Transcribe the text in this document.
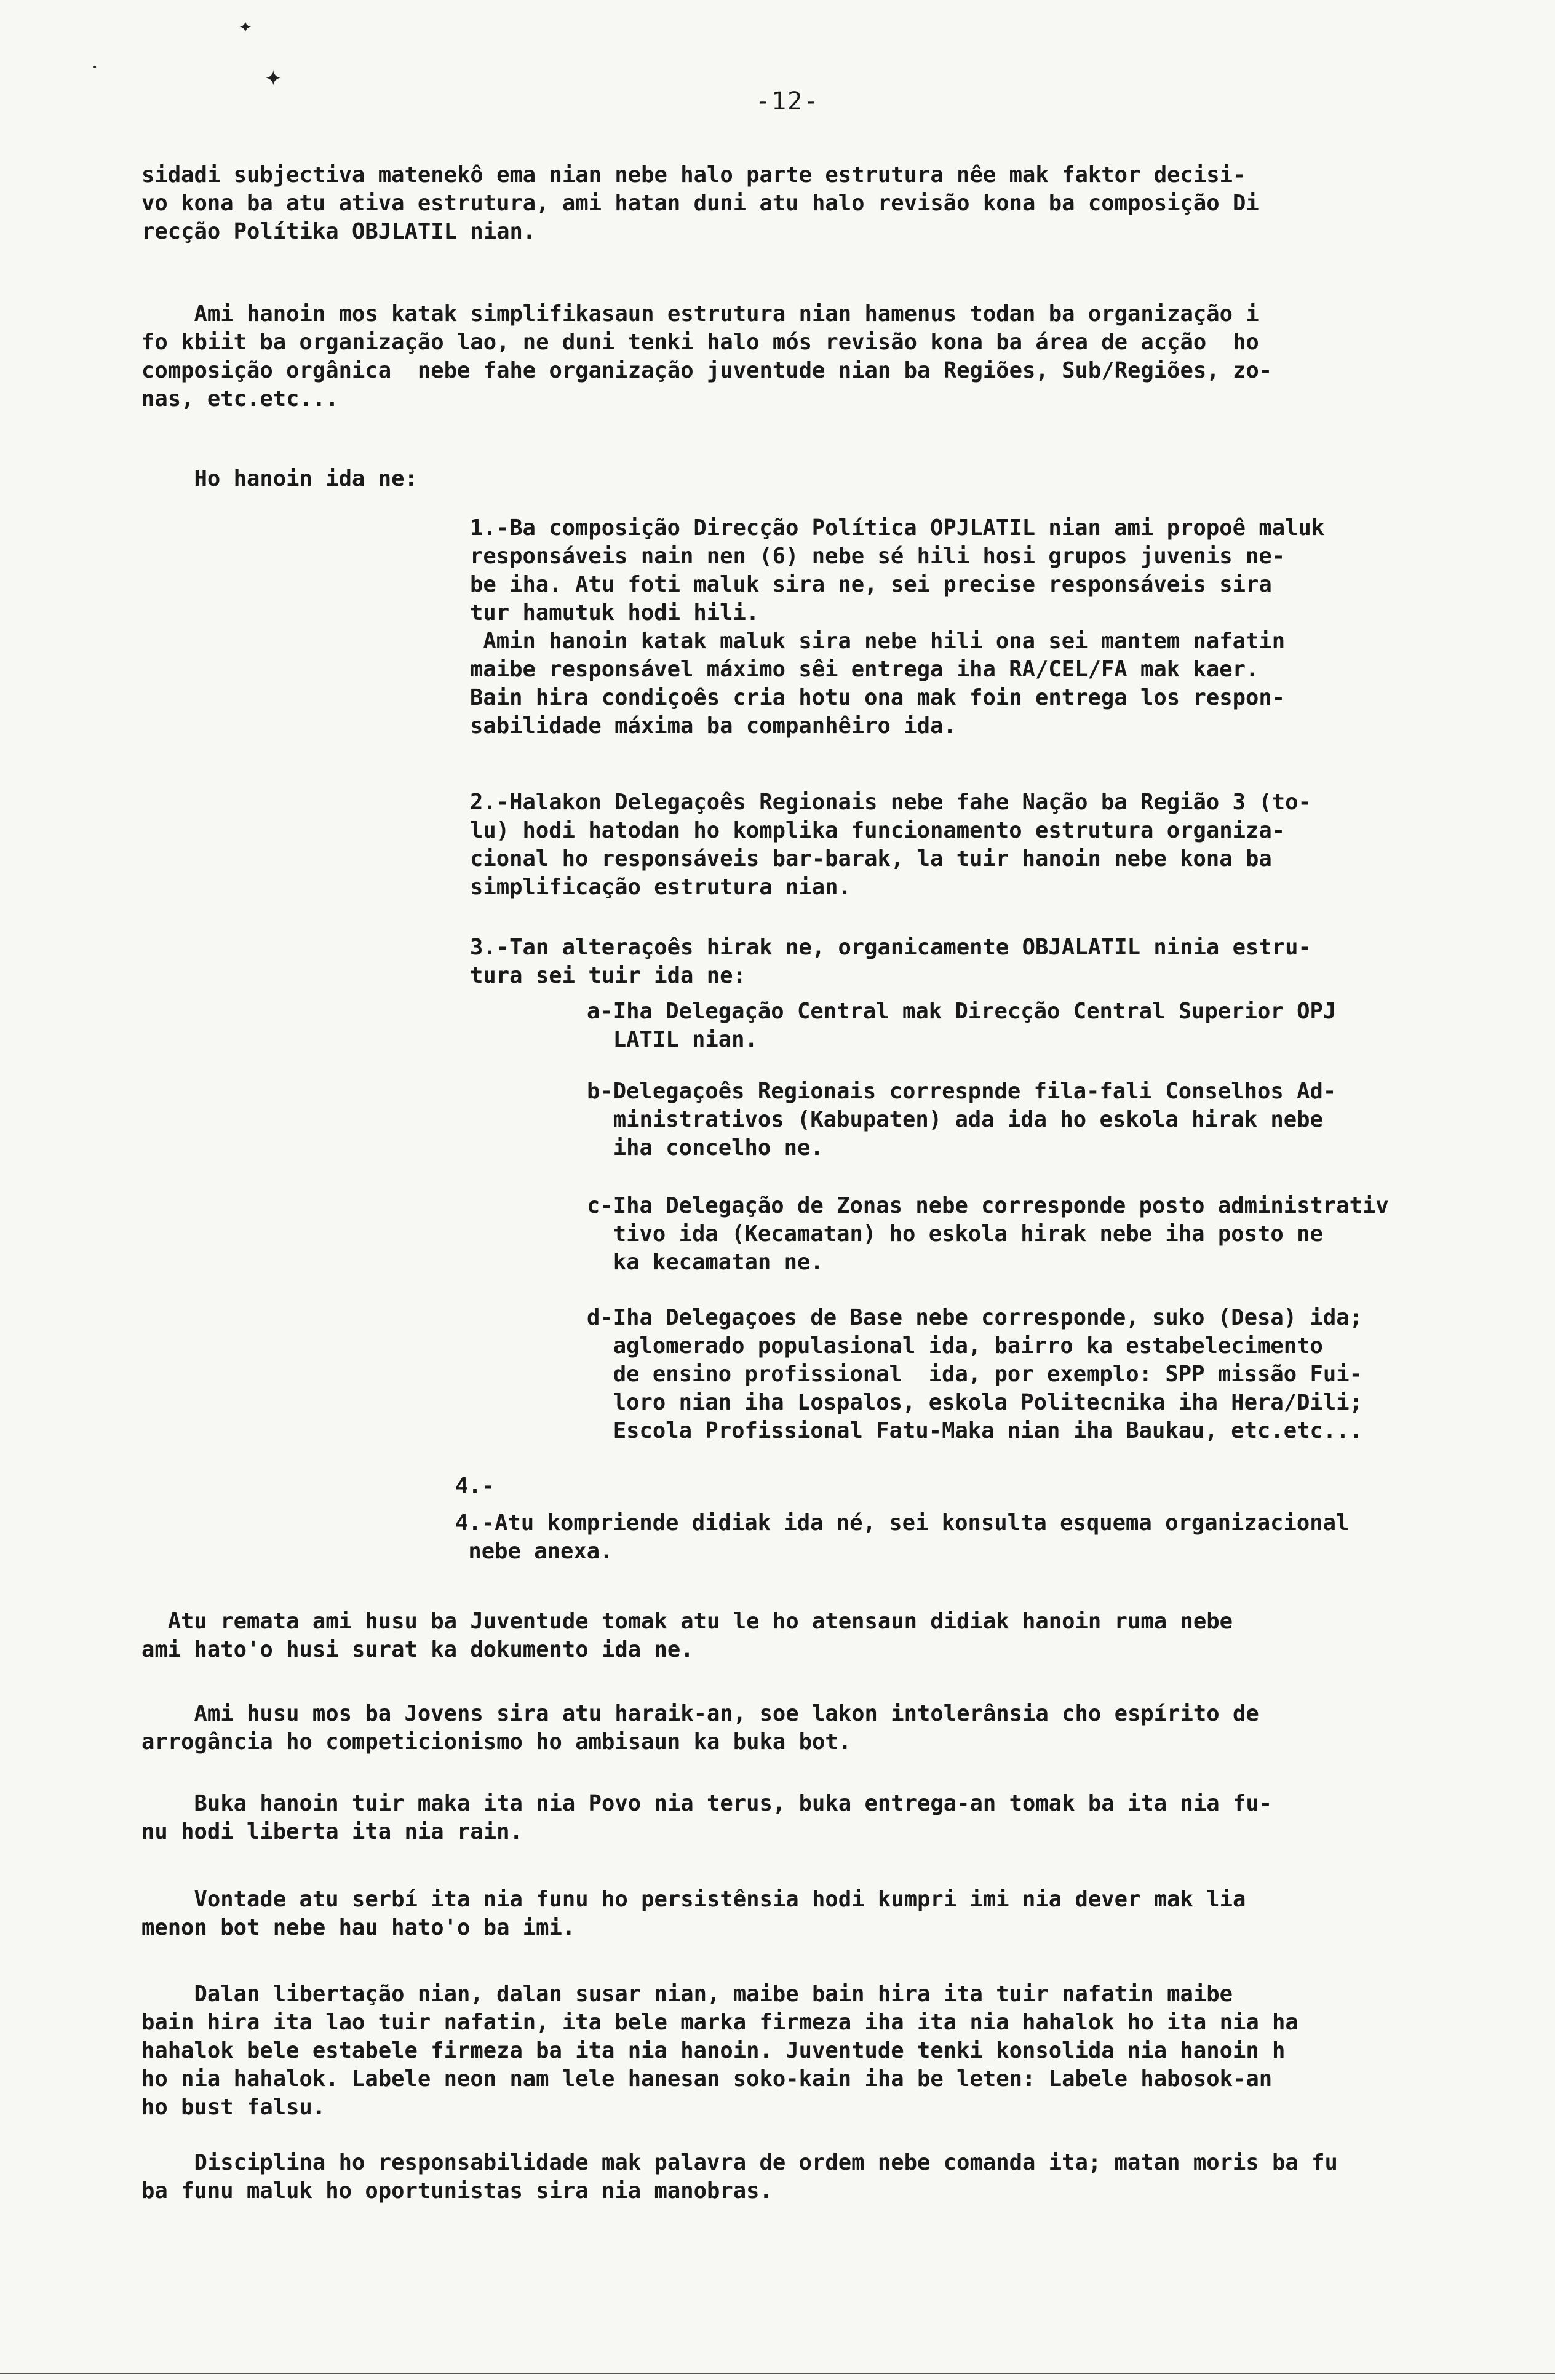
✦
✦
•
-12-
sidadi subjectiva matenekô ema nian nebe halo parte estrutura nêe mak faktor decisi-
vo kona ba atu ativa estrutura, ami hatan duni atu halo revisão kona ba composição Di
recção Polítika OBJLATIL nian.
Ami hanoin mos katak simplifikasaun estrutura nian hamenus todan ba organização i
fo kbiit ba organização lao, ne duni tenki halo mós revisão kona ba área de acção  ho
composição orgânica  nebe fahe organização juventude nian ba Regiões, Sub/Regiões, zo-
nas, etc.etc...
Ho hanoin ida ne:
1.-Ba composição Direcção Política OPJLATIL nian ami propoê maluk
responsáveis nain nen (6) nebe sé hili hosi grupos juvenis ne-
be iha. Atu foti maluk sira ne, sei precise responsáveis sira
tur hamutuk hodi hili.
Amin hanoin katak maluk sira nebe hili ona sei mantem nafatin
maibe responsável máximo sêi entrega iha RA/CEL/FA mak kaer.
Bain hira condiçoês cria hotu ona mak foin entrega los respon-
sabilidade máxima ba companhêiro ida.
2.-Halakon Delegaçoês Regionais nebe fahe Nação ba Região 3 (to-
lu) hodi hatodan ho komplika funcionamento estrutura organiza-
cional ho responsáveis bar-barak, la tuir hanoin nebe kona ba
simplificação estrutura nian.
3.-Tan alteraçoês hirak ne, organicamente OBJALATIL ninia estru-
tura sei tuir ida ne:
a-Iha Delegação Central mak Direcção Central Superior OPJ
LATIL nian.
b-Delegaçoês Regionais correspnde fila-fali Conselhos Ad-
ministrativos (Kabupaten) ada ida ho eskola hirak nebe
iha concelho ne.
c-Iha Delegação de Zonas nebe corresponde posto administrativ
tivo ida (Kecamatan) ho eskola hirak nebe iha posto ne
ka kecamatan ne.
d-Iha Delegaçoes de Base nebe corresponde, suko (Desa) ida;
aglomerado populasional ida, bairro ka estabelecimento
de ensino profissional  ida, por exemplo: SPP missão Fui-
loro nian iha Lospalos, eskola Politecnika iha Hera/Dili;
Escola Profissional Fatu-Maka nian iha Baukau, etc.etc...
4.-
4.-Atu kompriende didiak ida né, sei konsulta esquema organizacional
nebe anexa.
Atu remata ami husu ba Juventude tomak atu le ho atensaun didiak hanoin ruma nebe
ami hato'o husi surat ka dokumento ida ne.
Ami husu mos ba Jovens sira atu haraik-an, soe lakon intolerânsia cho espírito de
arrogância ho competicionismo ho ambisaun ka buka bot.
Buka hanoin tuir maka ita nia Povo nia terus, buka entrega-an tomak ba ita nia fu-
nu hodi liberta ita nia rain.
Vontade atu serbí ita nia funu ho persistênsia hodi kumpri imi nia dever mak lia
menon bot nebe hau hato'o ba imi.
Dalan libertação nian, dalan susar nian, maibe bain hira ita tuir nafatin maibe
bain hira ita lao tuir nafatin, ita bele marka firmeza iha ita nia hahalok ho ita nia ha
hahalok bele estabele firmeza ba ita nia hanoin. Juventude tenki konsolida nia hanoin h
ho nia hahalok. Labele neon nam lele hanesan soko-kain iha be leten: Labele habosok-an
ho bust falsu.
Disciplina ho responsabilidade mak palavra de ordem nebe comanda ita; matan moris ba fu
ba funu maluk ho oportunistas sira nia manobras.
